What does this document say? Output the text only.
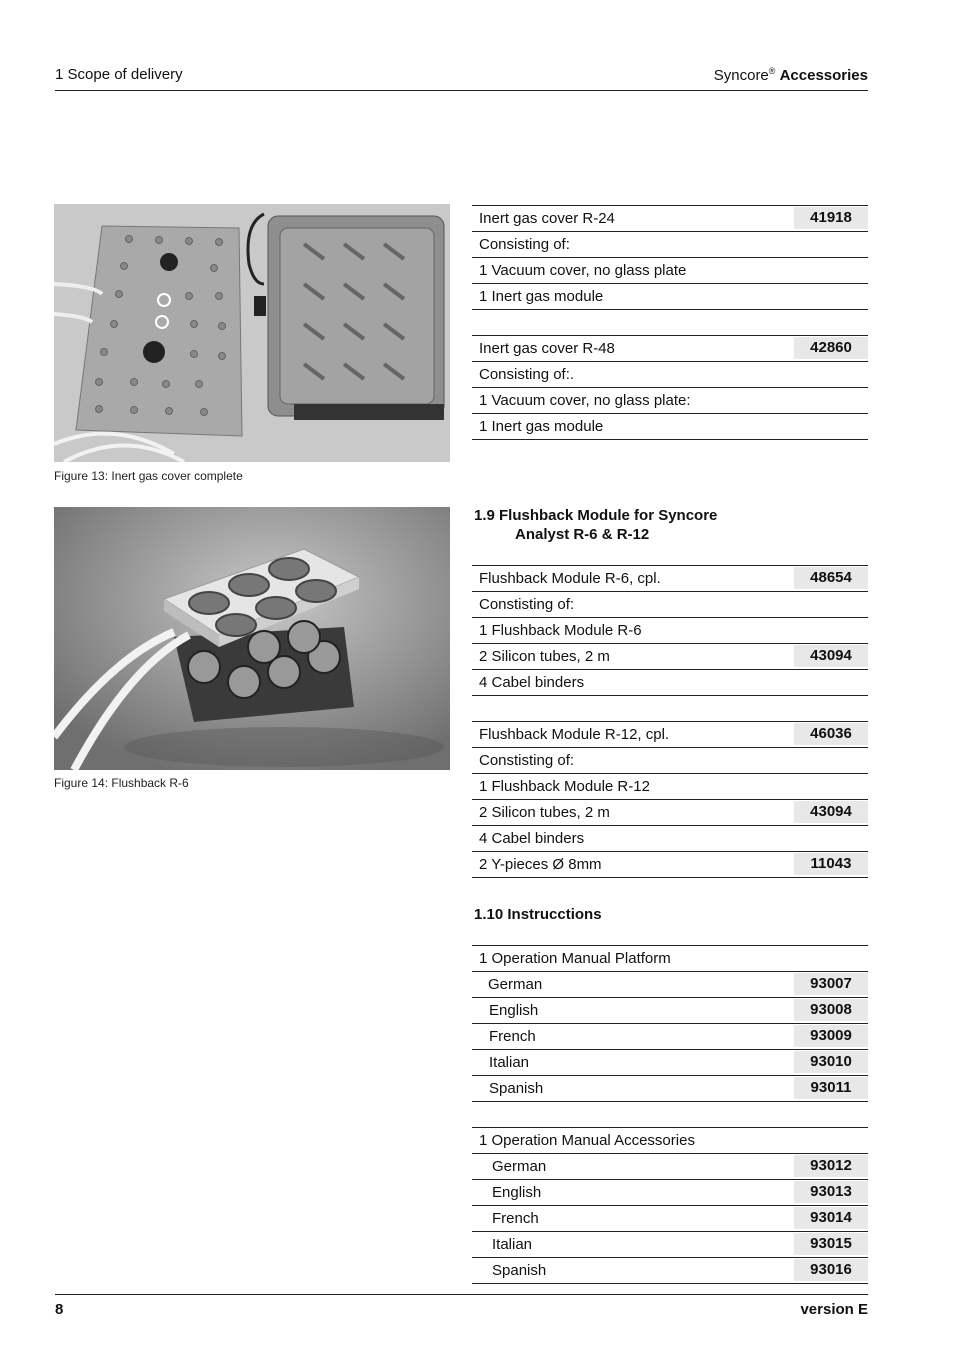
1 Scope of delivery	Syncore® Accessories
Figure 13: Inert gas cover complete
Figure 14: Flushback R-6
Inert gas cover R-24	41918
Consisting of:
1 Vacuum cover, no glass plate
1 Inert gas module
Inert gas cover R-48	42860
Consisting of:.
1 Vacuum cover, no glass plate:
1 Inert gas module
1.9 Flushback Module for Syncore
Analyst R-6 & R-12
Flushback Module R-6, cpl.	48654
Constisting of:
1 Flushback Module R-6
2 Silicon tubes, 2 m	43094
4 Cabel binders
Flushback Module R-12, cpl.	46036
Constisting of:
1 Flushback Module R-12
2 Silicon tubes, 2 m	43094
4 Cabel binders
2 Y-pieces Ø 8mm	11043
1.10 Instrucctions
1 Operation Manual Platform
German	93007
English	93008
French	93009
Italian	93010
Spanish	93011
1 Operation Manual Accessories
German	93012
English	93013
French	93014
Italian	93015
Spanish	93016
8	version E
